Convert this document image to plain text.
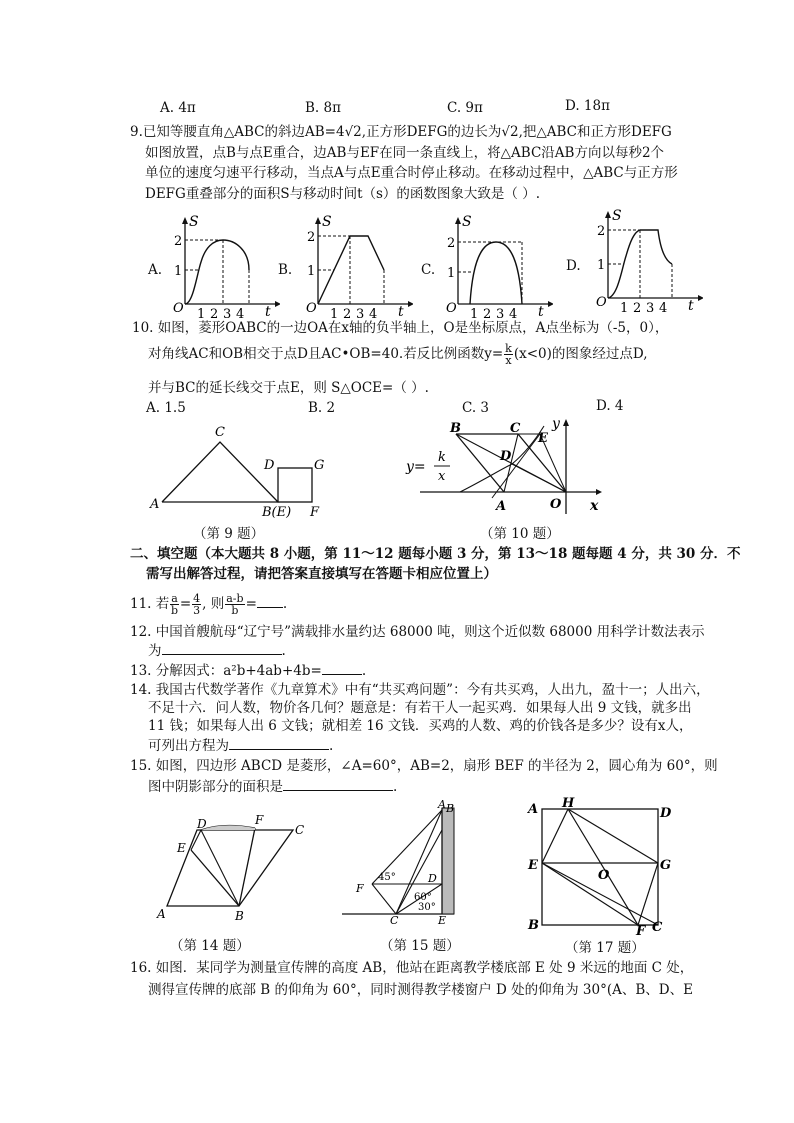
A. 4π	B. 8π	C. 9π	D. 18π
9.已知等腰直角△ABC的斜边AB=4√2,正方形DEFG的边长为√2,把△ABC和正方形DEFG
如图放置，点B与点E重合，边AB与EF在同一条直线上，将△ABC沿AB方向以每秒2个
单位的速度匀速平行移动，当点A与点E重合时停止移动。在移动过程中，△ABC与正方形
DEFG重叠部分的面积S与移动时间t（s）的函数图象大致是（ ）.
A.	B.	C.	D.
S
O
2
1
1 2 3 4 t
S
O
2
1
1 2 3 4 t
S
O
2
1
1 2 3 4 t
S
O
2
1
1 2 3 4 t
10. 如图，菱形OABC的一边OA在x轴的负半轴上，O是坐标原点，A点坐标为（-5，0），
对角线AC和OB相交于点D且AC•OB=40.若反比例函数$y= \frac{k}{x} (x<0)$的图象经过点D,
并与BC的延长线交于点E，则 S△OCE=（ ）.
A. 1.5	B. 2	C. 3	D. 4
A
C
D	G
B(E) F
B	C
E
D
A	O x
y
y=
k
x
（第 9 题）	（第 10 题）
二、填空题（本大题共 8 小题，第 11～12 题每小题 3 分，第 13～18 题每题 4 分，共 30 分．不
需写出解答过程，请把答案直接填写在答题卡相应位置上）
11. 若 $\frac{a}{b} = \frac{4}{3}$ , 则 $\frac{a-b}{b}$ = .
12. 中国首艘航母“辽宁号”满载排水量约达 68000 吨，则这个近似数 68000 用科学计数法表示
为	.
13. 分解因式：a²b+4ab+4b=	.
14. 我国古代数学著作《九章算术》中有“共买鸡问题”：今有共买鸡，人出九，盈十一；人出六，
不足十六．问人数，物价各几何？题意是：有若干人一起买鸡．如果每人出 9 文钱，就多出
11 钱；如果每人出 6 文钱；就相差 16 文钱．买鸡的人数、鸡的价钱各是多少？设有x人，
可列出方程为	.
15. 如图，四边形 ABCD 是菱形，∠A=60°，AB=2，扇形 BEF 的半径为 2，圆心角为 60°，则
图中阴影部分的面积是	.
A	B
C
D
E
F
A B
C
D
E
F
45°
60°
30°
A H
D
E
O
G
B	F C
（第 14 题）	（第 15 题）	（第 17 题）
16. 如图．某同学为测量宣传牌的高度 AB，他站在距离教学楼底部 E 处 9 米远的地面 C 处，
测得宣传牌的底部 B 的仰角为 60°，同时测得教学楼窗户 D 处的仰角为 30°(A、B、D、E
